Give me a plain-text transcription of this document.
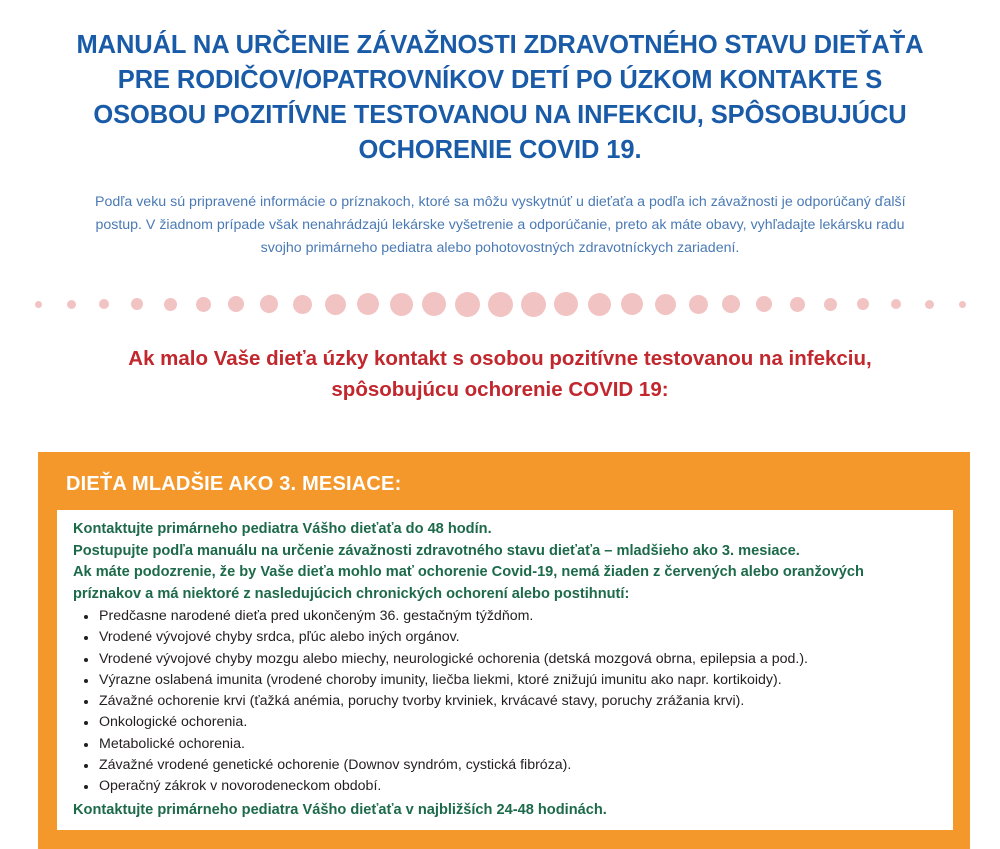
MANUÁL NA URČENIE ZÁVAŽNOSTI ZDRAVOTNÉHO STAVU DIEŤAŤA
PRE RODIČOV/OPATROVNÍKOV DETÍ PO ÚZKOM KONTAKTE S
OSOBOU POZITÍVNE TESTOVANOU NA INFEKCIU, SPÔSOBUJÚCU
OCHORENIE COVID 19.
Podľa veku sú pripravené informácie o príznakoch, ktoré sa môžu vyskytnúť u dieťaťa a podľa ich závažnosti je odporúčaný ďalší
postup. V žiadnom prípade však nenahrádzajú lekárske vyšetrenie a odporúčanie, preto ak máte obavy, vyhľadajte lekársku radu
svojho primárneho pediatra alebo pohotovostných zdravotníckych zariadení.
Ak malo Vaše dieťa úzky kontakt s osobou pozitívne testovanou na infekciu,
spôsobujúcu ochorenie COVID 19:
DIEŤA MLADŠIE AKO 3. MESIACE:
Kontaktujte primárneho pediatra Vášho dieťaťa do 48 hodín.
Postupujte podľa manuálu na určenie závažnosti zdravotného stavu dieťaťa – mladšieho ako 3. mesiace.
Ak máte podozrenie, že by Vaše dieťa mohlo mať ochorenie Covid-19, nemá žiaden z červených alebo oranžových
príznakov a má niektoré z nasledujúcich chronických ochorení alebo postihnutí:
Predčasne narodené dieťa pred ukončeným 36. gestačným týždňom.
Vrodené vývojové chyby srdca, pľúc alebo iných orgánov.
Vrodené vývojové chyby mozgu alebo miechy, neurologické ochorenia (detská mozgová obrna, epilepsia a pod.).
Výrazne oslabená imunita (vrodené choroby imunity, liečba liekmi, ktoré znižujú imunitu ako napr. kortikoidy).
Závažné ochorenie krvi (ťažká anémia, poruchy tvorby krviniek, krvácavé stavy, poruchy zrážania krvi).
Onkologické ochorenia.
Metabolické ochorenia.
Závažné vrodené genetické ochorenie (Downov syndróm, cystická fibróza).
Operačný zákrok v novorodeneckom období.
Kontaktujte primárneho pediatra Vášho dieťaťa v najbližších 24-48 hodinách.
